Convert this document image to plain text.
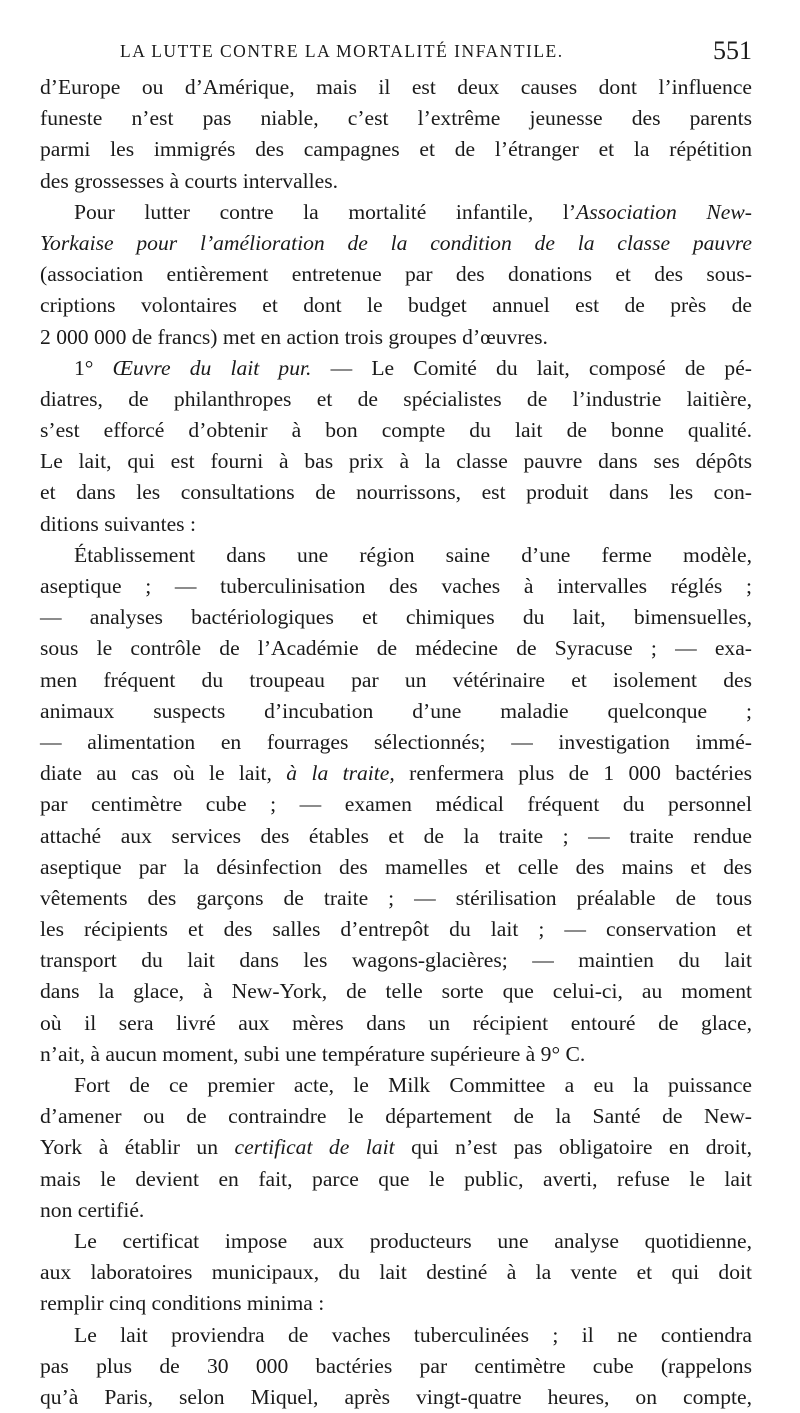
LA LUTTE CONTRE LA MORTALITÉ INFANTILE.	551
d’Europe ou d’Amérique, mais il est deux causes dont l’influence
funeste n’est pas niable, c’est l’extrême jeunesse des parents
parmi les immigrés des campagnes et de l’étranger et la répétition
des grossesses à courts intervalles.
Pour lutter contre la mortalité infantile, l’Association New-
Yorkaise pour l’amélioration de la condition de la classe pauvre
(association entièrement entretenue par des donations et des sous-
criptions volontaires et dont le budget annuel est de près de
2 000 000 de francs) met en action trois groupes d’œuvres.
1° Œuvre du lait pur. — Le Comité du lait, composé de pé-
diatres, de philanthropes et de spécialistes de l’industrie laitière,
s’est efforcé d’obtenir à bon compte du lait de bonne qualité.
Le lait, qui est fourni à bas prix à la classe pauvre dans ses dépôts
et dans les consultations de nourrissons, est produit dans les con-
ditions suivantes :
Établissement dans une région saine d’une ferme modèle,
aseptique ; — tuberculinisation des vaches à intervalles réglés ;
— analyses bactériologiques et chimiques du lait, bimensuelles,
sous le contrôle de l’Académie de médecine de Syracuse ; — exa-
men fréquent du troupeau par un vétérinaire et isolement des
animaux suspects d’incubation d’une maladie quelconque ;
— alimentation en fourrages sélectionnés; — investigation immé-
diate au cas où le lait, à la traite, renfermera plus de 1 000 bactéries
par centimètre cube ; — examen médical fréquent du personnel
attaché aux services des étables et de la traite ; — traite rendue
aseptique par la désinfection des mamelles et celle des mains et des
vêtements des garçons de traite ; — stérilisation préalable de tous
les récipients et des salles d’entrepôt du lait ; — conservation et
transport du lait dans les wagons-glacières; — maintien du lait
dans la glace, à New-York, de telle sorte que celui-ci, au moment
où il sera livré aux mères dans un récipient entouré de glace,
n’ait, à aucun moment, subi une température supérieure à 9° C.
Fort de ce premier acte, le Milk Committee a eu la puissance
d’amener ou de contraindre le département de la Santé de New-
York à établir un certificat de lait qui n’est pas obligatoire en droit,
mais le devient en fait, parce que le public, averti, refuse le lait
non certifié.
Le certificat impose aux producteurs une analyse quotidienne,
aux laboratoires municipaux, du lait destiné à la vente et qui doit
remplir cinq conditions minima :
Le lait proviendra de vaches tuberculinées ; il ne contiendra
pas plus de 30 000 bactéries par centimètre cube (rappelons
qu’à Paris, selon Miquel, après vingt-quatre heures, on compte,
